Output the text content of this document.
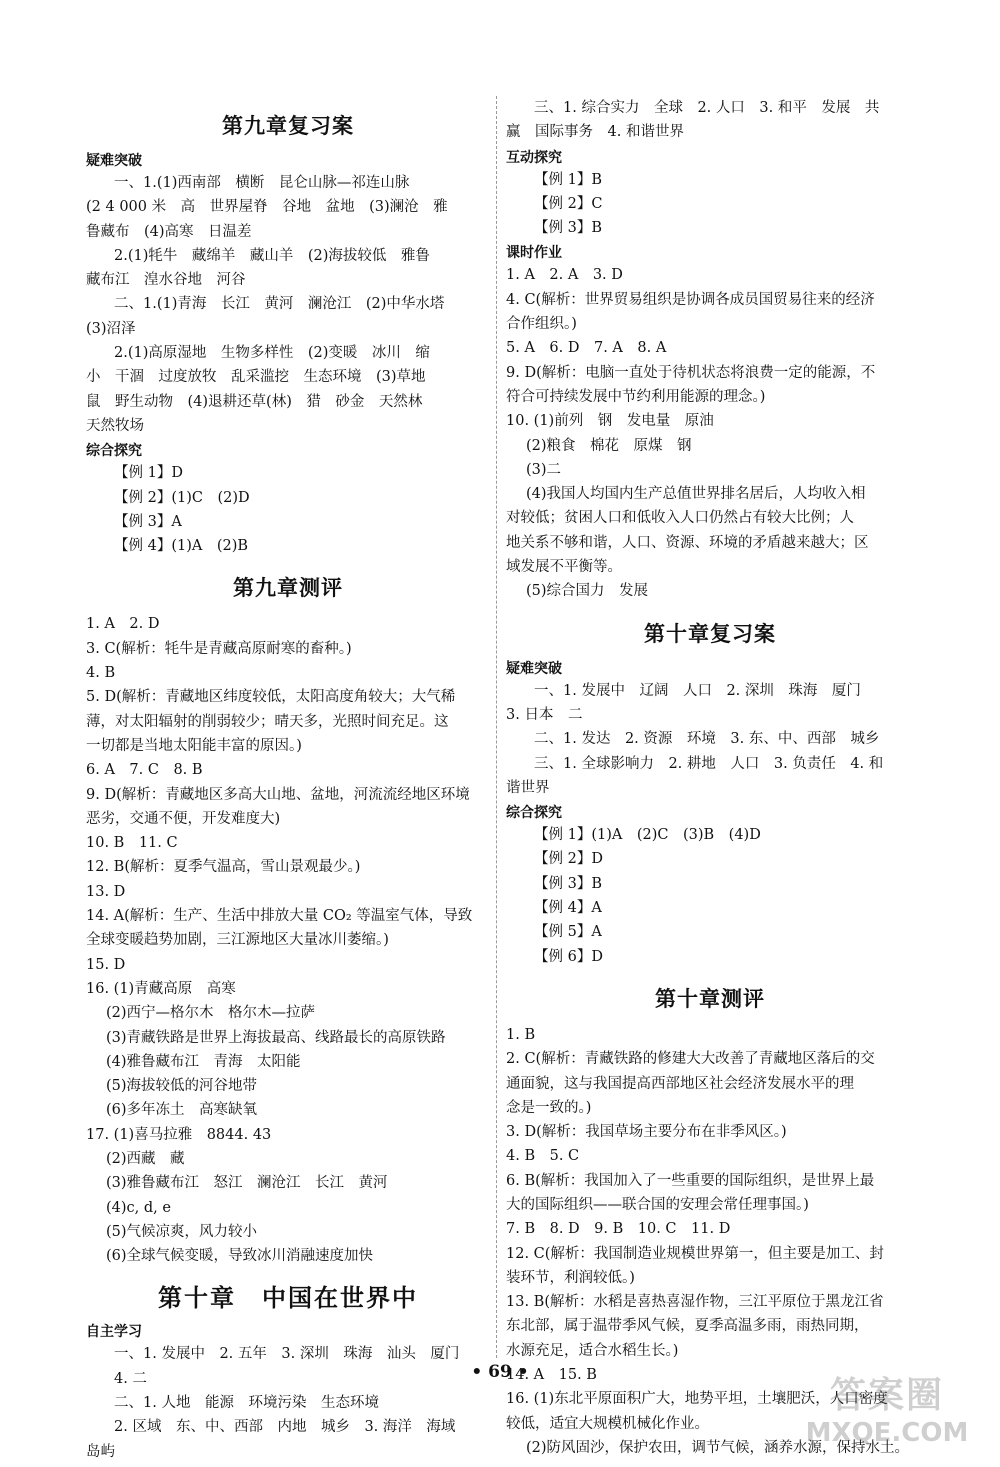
第九章复习案
疑难突破
一、1.(1)西南部　横断　昆仑山脉—祁连山脉
(2 4 000 米　高　世界屋脊　谷地　盆地　(3)澜沧　雅
鲁藏布　(4)高寒　日温差
2.(1)牦牛　藏绵羊　藏山羊　(2)海拔较低　雅鲁
藏布江　湟水谷地　河谷
二、1.(1)青海　长江　黄河　澜沧江　(2)中华水塔
(3)沼泽
2.(1)高原湿地　生物多样性　(2)变暖　冰川　缩
小　干涸　过度放牧　乱采滥挖　生态环境　(3)草地
鼠　野生动物　(4)退耕还草(林)　猎　砂金　天然林
天然牧场
综合探究
【例 1】D
【例 2】(1)C　(2)D
【例 3】A
【例 4】(1)A　(2)B
第九章测评
1. A　2. D
3. C(解析：牦牛是青藏高原耐寒的畜种。)
4. B
5. D(解析：青藏地区纬度较低，太阳高度角较大；大气稀
薄，对太阳辐射的削弱较少；晴天多，光照时间充足。这
一切都是当地太阳能丰富的原因。)
6. A　7. C　8. B
9. D(解析：青藏地区多高大山地、盆地，河流流经地区环境
恶劣，交通不便，开发难度大)
10. B　11. C
12. B(解析：夏季气温高，雪山景观最少。)
13. D
14. A(解析：生产、生活中排放大量 CO₂ 等温室气体，导致
全球变暖趋势加剧，三江源地区大量冰川萎缩。)
15. D
16. (1)青藏高原　高寒
(2)西宁—格尔木　格尔木—拉萨
(3)青藏铁路是世界上海拔最高、线路最长的高原铁路
(4)雅鲁藏布江　青海　太阳能
(5)海拔较低的河谷地带
(6)多年冻土　高寒缺氧
17. (1)喜马拉雅　8844. 43
(2)西藏　藏
(3)雅鲁藏布江　怒江　澜沧江　长江　黄河
(4)c, d, e
(5)气候凉爽，风力较小
(6)全球气候变暖，导致冰川消融速度加快
第十章　中国在世界中
自主学习
一、1. 发展中　2. 五年　3. 深圳　珠海　汕头　厦门
4. 二
二、1. 人地　能源　环境污染　生态环境
2. 区域　东、中、西部　内地　城乡　3. 海洋　海域
岛屿
三、1. 综合实力　全球　2. 人口　3. 和平　发展　共
赢　国际事务　4. 和谐世界
互动探究
【例 1】B
【例 2】C
【例 3】B
课时作业
1. A　2. A　3. D
4. C(解析：世界贸易组织是协调各成员国贸易往来的经济
合作组织。)
5. A　6. D　7. A　8. A
9. D(解析：电脑一直处于待机状态将浪费一定的能源，不
符合可持续发展中节约利用能源的理念。)
10. (1)前列　钢　发电量　原油
(2)粮食　棉花　原煤　钢
(3)二
(4)我国人均国内生产总值世界排名居后，人均收入相
对较低；贫困人口和低收入人口仍然占有较大比例；人
地关系不够和谐，人口、资源、环境的矛盾越来越大；区
域发展不平衡等。
(5)综合国力　发展
第十章复习案
疑难突破
一、1. 发展中　辽阔　人口　2. 深圳　珠海　厦门
3. 日本　二
二、1. 发达　2. 资源　环境　3. 东、中、西部　城乡
三、1. 全球影响力　2. 耕地　人口　3. 负责任　4. 和
谐世界
综合探究
【例 1】(1)A　(2)C　(3)B　(4)D
【例 2】D
【例 3】B
【例 4】A
【例 5】A
【例 6】D
第十章测评
1. B
2. C(解析：青藏铁路的修建大大改善了青藏地区落后的交
通面貌，这与我国提高西部地区社会经济发展水平的理
念是一致的。)
3. D(解析：我国草场主要分布在非季风区。)
4. B　5. C
6. B(解析：我国加入了一些重要的国际组织，是世界上最
大的国际组织——联合国的安理会常任理事国。)
7. B　8. D　9. B　10. C　11. D
12. C(解析：我国制造业规模世界第一，但主要是加工、封
装环节，利润较低。)
13. B(解析：水稻是喜热喜湿作物，三江平原位于黑龙江省
东北部，属于温带季风气候，夏季高温多雨，雨热同期，
水源充足，适合水稻生长。)
14. A　15. B
16. (1)东北平原面积广大，地势平坦，土壤肥沃，人口密度
较低，适宜大规模机械化作业。
(2)防风固沙，保护农田，调节气候，涵养水源，保持水土。
• 69 •
答案圈
MXQE.COM
